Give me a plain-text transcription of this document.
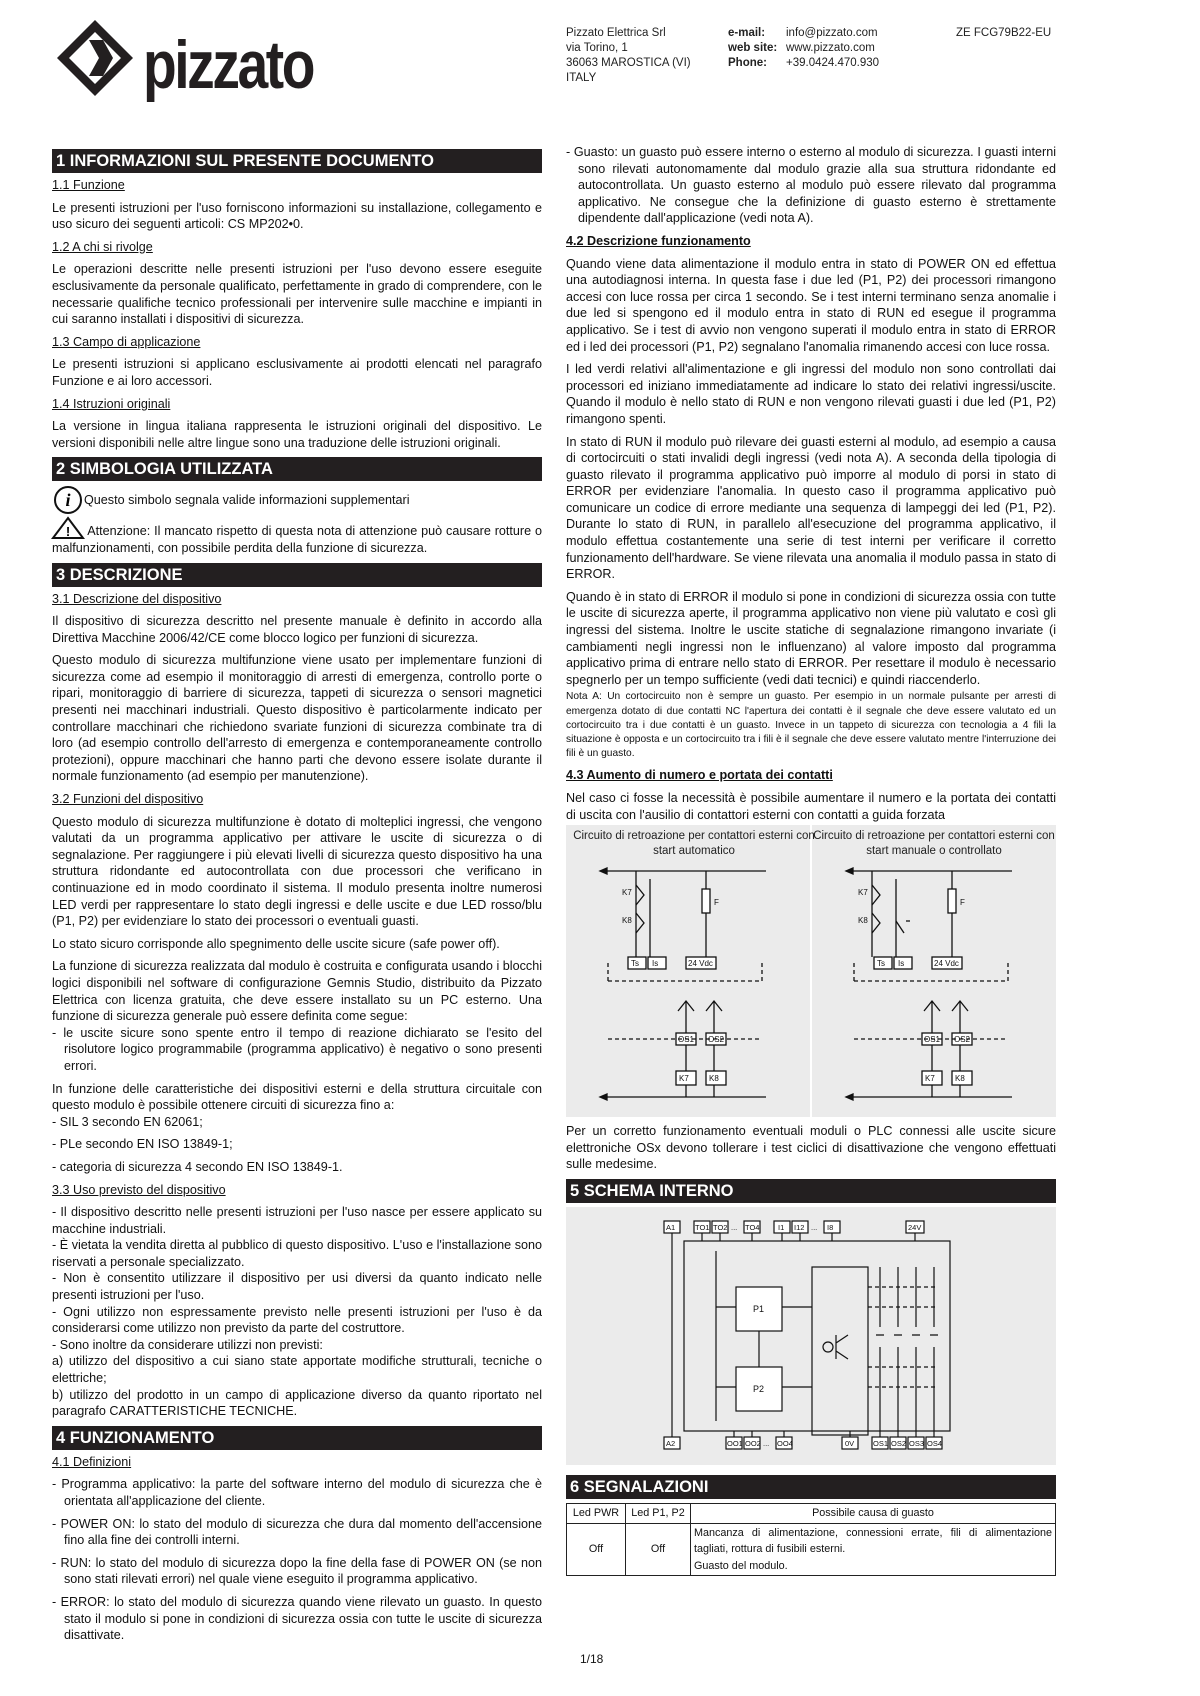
pizzato	Pizzato Elettrica Srl
via Torino, 1
36063 MAROSTICA (VI)
ITALY
e-mail:	info@pizzato.com
web site: www.pizzato.com
Phone:	+39.0424.470.930
ZE FCG79B22-EU
1 INFORMAZIONI SUL PRESENTE DOCUMENTO

1.1 Funzione

Le presenti istruzioni per l'uso forniscono informazioni su installazione, collegamento e uso sicuro dei seguenti articoli: CS MP202•0.

1.2 A chi si rivolge

Le operazioni descritte nelle presenti istruzioni per l'uso devono essere eseguite esclusivamente da personale qualificato, perfettamente in grado di comprendere, con le necessarie qualifiche tecnico professionali per intervenire sulle macchine e impianti in cui saranno installati i dispositivi di sicurezza.

1.3 Campo di applicazione

Le presenti istruzioni si applicano esclusivamente ai prodotti elencati nel paragrafo Funzione e ai loro accessori.

1.4 Istruzioni originali

La versione in lingua italiana rappresenta le istruzioni originali del dispositivo. Le versioni disponibili nelle altre lingue sono una traduzione delle istruzioni originali.

2 SIMBOLOGIA UTILIZZATA
i Questo simbolo segnala valide informazioni supplementari

! Attenzione: Il mancato rispetto di questa nota di attenzione può causare rotture o malfunzionamenti, con possibile perdita della funzione di sicurezza.

3 DESCRIZIONE

3.1 Descrizione del dispositivo

Il dispositivo di sicurezza descritto nel presente manuale è definito in accordo alla Direttiva Macchine 2006/42/CE come blocco logico per funzioni di sicurezza.

Questo modulo di sicurezza multifunzione viene usato per implementare funzioni di sicurezza come ad esempio il monitoraggio di arresti di emergenza, controllo porte o ripari, monitoraggio di barriere di sicurezza, tappeti di sicurezza o sensori magnetici presenti nei macchinari industriali. Questo dispositivo è particolarmente indicato per controllare macchinari che richiedono svariate funzioni di sicurezza combinate tra di loro (ad esempio controllo dell'arresto di emergenza e contemporaneamente controllo protezioni), oppure macchinari che hanno parti che devono essere isolate durante il normale funzionamento (ad esempio per manutenzione).

3.2 Funzioni del dispositivo

Questo modulo di sicurezza multifunzione è dotato di molteplici ingressi, che vengono valutati da un programma applicativo per attivare le uscite di sicurezza o di segnalazione. Per raggiungere i più elevati livelli di sicurezza questo dispositivo ha una struttura ridondante ed autocontrollata con due processori che verificano in continuazione ed in modo coordinato il sistema. Il modulo presenta inoltre numerosi LED verdi per rappresentare lo stato degli ingressi e delle uscite e due LED rosso/blu (P1, P2) per evidenziare lo stato dei processori o eventuali guasti.

Lo stato sicuro corrisponde allo spegnimento delle uscite sicure (safe power off).

La funzione di sicurezza realizzata dal modulo è costruita e configurata usando i blocchi logici disponibili nel software di configurazione Gemnis Studio, distribuito da Pizzato Elettrica con licenza gratuita, che deve essere installato su un PC esterno. Una funzione di sicurezza generale può essere definita come segue:

- le uscite sicure sono spente entro il tempo di reazione dichiarato se l'esito del risolutore logico programmabile (programma applicativo) è negativo o sono presenti errori.

In funzione delle caratteristiche dei dispositivi esterni e della struttura circuitale con questo modulo è possibile ottenere circuiti di sicurezza fino a:

- SIL 3 secondo EN 62061;

- PLe secondo EN ISO 13849-1;

- categoria di sicurezza 4 secondo EN ISO 13849-1.

3.3 Uso previsto del dispositivo

- Il dispositivo descritto nelle presenti istruzioni per l'uso nasce per essere applicato su macchine industriali.

- È vietata la vendita diretta al pubblico di questo dispositivo. L'uso e l'installazione sono riservati a personale specializzato.

- Non è consentito utilizzare il dispositivo per usi diversi da quanto indicato nelle presenti istruzioni per l'uso.

- Ogni utilizzo non espressamente previsto nelle presenti istruzioni per l'uso è da considerarsi come utilizzo non previsto da parte del costruttore.

- Sono inoltre da considerare utilizzi non previsti:

a) utilizzo del dispositivo a cui siano state apportate modifiche strutturali, tecniche o elettriche;

b) utilizzo del prodotto in un campo di applicazione diverso da quanto riportato nel paragrafo CARATTERISTICHE TECNICHE.

4 FUNZIONAMENTO

4.1 Definizioni

- Programma applicativo: la parte del software interno del modulo di sicurezza che è orientata all'applicazione del cliente.

- POWER ON: lo stato del modulo di sicurezza che dura dal momento dell'accensione fino alla fine dei controlli interni.

- RUN: lo stato del modulo di sicurezza dopo la fine della fase di POWER ON (se non sono stati rilevati errori) nel quale viene eseguito il programma applicativo.

- ERROR: lo stato del modulo di sicurezza quando viene rilevato un guasto. In questo stato il modulo si pone in condizioni di sicurezza ossia con tutte le uscite di sicurezza disattivate.

- Guasto: un guasto può essere interno o esterno al modulo di sicurezza. I guasti interni sono rilevati autonomamente dal modulo grazie alla sua struttura ridondante ed autocontrollata. Un guasto esterno al modulo può essere rilevato dal programma applicativo. Ne consegue che la definizione di guasto esterno è strettamente dipendente dall'applicazione (vedi nota A).

4.2 Descrizione funzionamento

Quando viene data alimentazione il modulo entra in stato di POWER ON ed effettua una autodiagnosi interna. In questa fase i due led (P1, P2) dei processori rimangono accesi con luce rossa per circa 1 secondo. Se i test interni terminano senza anomalie i due led si spengono ed il modulo entra in stato di RUN ed esegue il programma applicativo. Se i test di avvio non vengono superati il modulo entra in stato di ERROR ed i led dei processori (P1, P2) segnalano l'anomalia rimanendo accesi con luce rossa.

I led verdi relativi all'alimentazione e gli ingressi del modulo non sono controllati dai processori ed iniziano immediatamente ad indicare lo stato dei relativi ingressi/uscite. Quando il modulo è nello stato di RUN e non vengono rilevati guasti i due led (P1, P2) rimangono spenti.

In stato di RUN il modulo può rilevare dei guasti esterni al modulo, ad esempio a causa di cortocircuiti o stati invalidi degli ingressi (vedi nota A). A seconda della tipologia di guasto rilevato il programma applicativo può imporre al modulo di porsi in stato di ERROR per evidenziare l'anomalia. In questo caso il programma applicativo può comunicare un codice di errore mediante una sequenza di lampeggi dei led (P1, P2). Durante lo stato di RUN, in parallelo all'esecuzione del programma applicativo, il modulo effettua costantemente una serie di test interni per verificare il corretto funzionamento dell'hardware. Se viene rilevata una anomalia il modulo passa in stato di ERROR.

Quando è in stato di ERROR il modulo si pone in condizioni di sicurezza ossia con tutte le uscite di sicurezza aperte, il programma applicativo non viene più valutato e così gli ingressi del sistema. Inoltre le uscite statiche di segnalazione rimangono invariate (i cambiamenti negli ingressi non le influenzano) al valore imposto dal programma applicativo prima di entrare nello stato di ERROR. Per resettare il modulo è necessario spegnerlo per un tempo sufficiente (vedi dati tecnici) e quindi riaccenderlo.

Nota A: Un cortocircuito non è sempre un guasto. Per esempio in un normale pulsante per arresti di emergenza dotato di due contatti NC l'apertura dei contatti è il segnale che deve essere valutato ed un cortocircuito tra i due contatti è un guasto. Invece in un tappeto di sicurezza con tecnologia a 4 fili la situazione è opposta e un cortocircuito tra i fili è il segnale che deve essere valutato mentre l'interruzione dei fili è un guasto.

4.3 Aumento di numero e portata dei contatti

Nel caso ci fosse la necessità è possibile aumentare il numero e la portata dei contatti di uscita con l'ausilio di contattori esterni con contatti a guida forzata

Circuito di retroazione per contattori esterni con start automatico
Circuito di retroazione per contattori esterni con start manuale o controllato
K7
K8
F
Ts Is	24 Vdc
OS1 OS2
K7	K8
K7
K8
F
Ts Is	24 Vdc
OS1 OS2
K7	K8

Per un corretto funzionamento eventuali moduli o PLC connessi alle uscite sicure elettroniche OSx devono tollerare i test ciclici di disattivazione che vengono effettuati sulle medesime.

5 SCHEMA INTERNO
A1	TO1 TO2 ... TO4 I1 I12 ... I8	24V
P1
P2
A2	OO1 OO2 ... OO4	0V	OS1 OS2 OS3 OS4
6 SEGNALAZIONI
Led PWR	Led P1, P2	Possibile causa di guasto
Off	Off	Mancanza di alimentazione, connessioni errate, fili di alimentazione tagliati, rottura di fusibili esterni.
Guasto del modulo.
1/18
